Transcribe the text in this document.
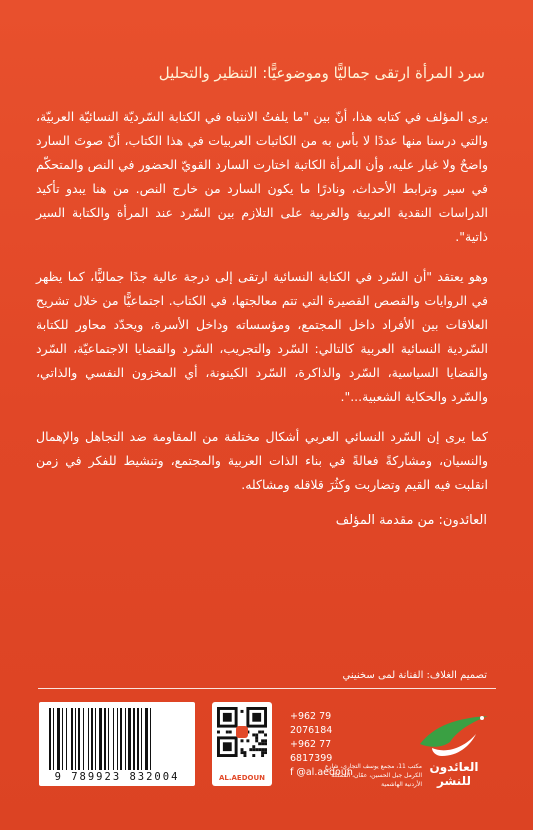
سرد المرأة ارتقى جماليًّا وموضوعيًّا: التنظير والتحليل

يرى المؤلف في كتابه هذا، أنّ بين "ما يلفتُ الانتباه في الكتابة السّرديّة النسائيّة العربيّة، والتي درسنا منها عددًا لا بأس به من الكاتبات العربيات في هذا الكتاب، أنّ صوتَ السارد واضحٌ ولا غبار عليه، وأن المرأة الكاتبة اختارت السارد القويّ الحضور في النص والمتحكّم في سير وترابط الأحداث، ونادرًا ما يكون السارد من خارج النص. من هنا يبدو تأكيد الدراسات النقدية العربية والغربية على التلازم بين السّرد عند المرأة والكتابة السير ذاتية".

وهو يعتقد "أن السّرد في الكتابة النسائية ارتقى إلى درجة عالية جدًا جماليًّا، كما يظهر في الروايات والقصص القصيرة التي تتم معالجتها، في الكتاب. اجتماعيًّا من خلال تشريح العلاقات بين الأفراد داخل المجتمع، ومؤسساته وداخل الأسرة، ويحدّد محاور للكتابة السّردية النسائية العربية كالتالي: السّرد والتجريب، السّرد والقضايا الاجتماعيّة، السّرد والقضايا السياسية، السّرد والذاكرة، السّرد الكينونة، أي المخزون النفسي والذاتي، والسّرد والحكاية الشعبية...".

كما يرى إن السّرد النسائي العربي أشكال مختلفة من المقاومة ضد التجاهل والإهمال والنسيان، ومشاركةً فعالةً في بناء الذات العربية والمجتمع، وتنشيط للفكر في زمن انقلبت فيه القيم وتضاربت وكثُرَ قلاقله ومشاكله.

العائدون: من مقدمة المؤلف
تصميم الغلاف: الفنانة لمى سخنيني
9 789923 832004	AL.AEDOUN
+962 79 2076184
+962 77 6817399
f @al.aedoun
مكتب 11، مجمع يوسف التجاري، شارع الكرمل جبل الحسين، عمّان، المملكة الأردنية الهاشمية
العائدون للنشر
